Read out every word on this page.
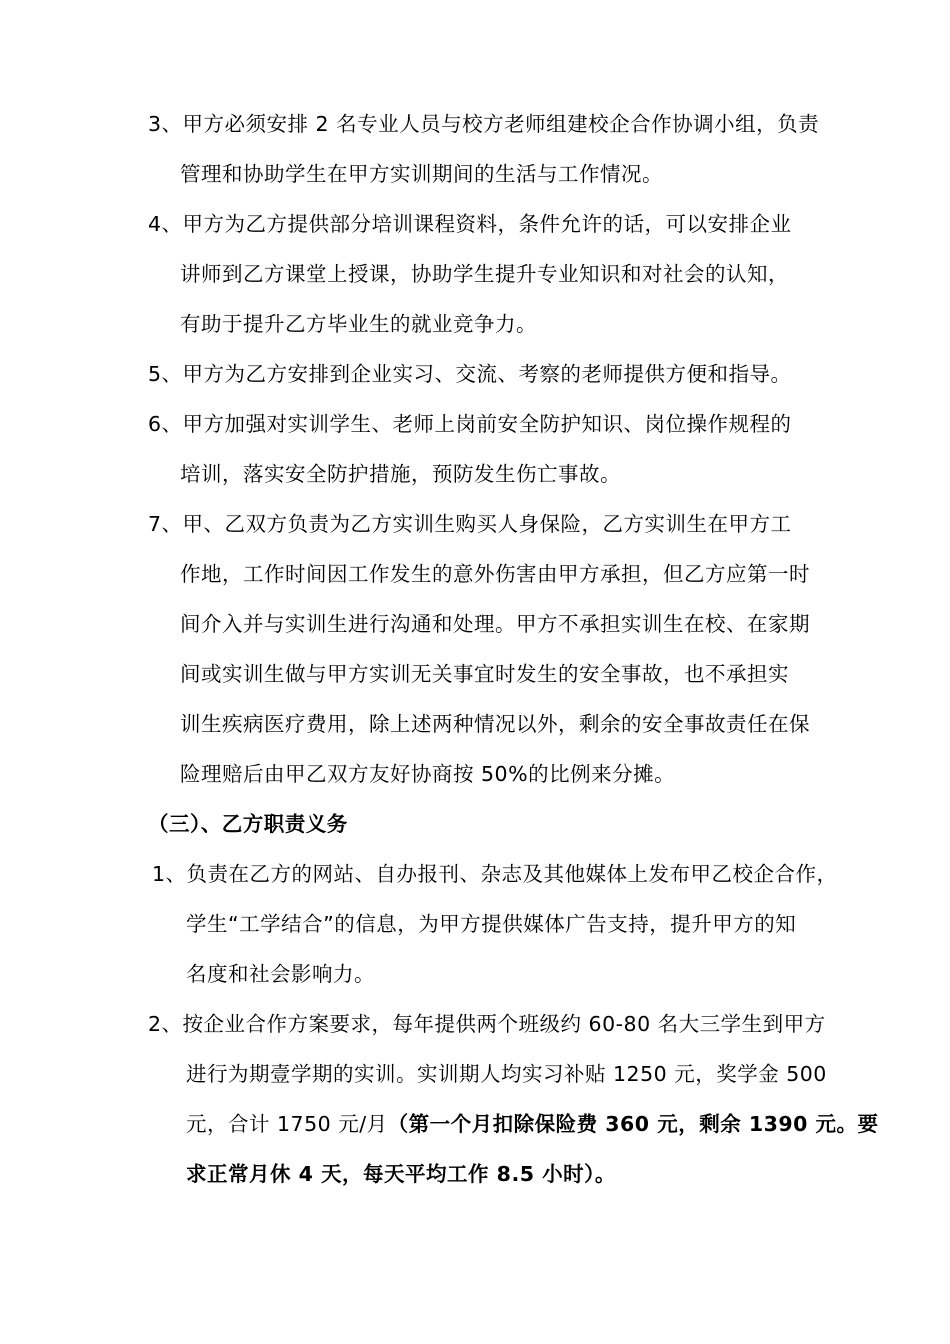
3、甲方必须安排 2 名专业人员与校方老师组建校企合作协调小组，负责
管理和协助学生在甲方实训期间的生活与工作情况。
4、甲方为乙方提供部分培训课程资料，条件允许的话，可以安排企业
讲师到乙方课堂上授课，协助学生提升专业知识和对社会的认知，
有助于提升乙方毕业生的就业竞争力。
5、甲方为乙方安排到企业实习、交流、考察的老师提供方便和指导。
6、甲方加强对实训学生、老师上岗前安全防护知识、岗位操作规程的
培训，落实安全防护措施，预防发生伤亡事故。
7、甲、乙双方负责为乙方实训生购买人身保险，乙方实训生在甲方工
作地，工作时间因工作发生的意外伤害由甲方承担，但乙方应第一时
间介入并与实训生进行沟通和处理。甲方不承担实训生在校、在家期
间或实训生做与甲方实训无关事宜时发生的安全事故，也不承担实
训生疾病医疗费用，除上述两种情况以外，剩余的安全事故责任在保
险理赔后由甲乙双方友好协商按 50%的比例来分摊。
（三）、乙方职责义务
1、负责在乙方的网站、自办报刊、杂志及其他媒体上发布甲乙校企合作，
学生“工学结合”的信息，为甲方提供媒体广告支持，提升甲方的知
名度和社会影响力。
2、按企业合作方案要求，每年提供两个班级约 60-80 名大三学生到甲方
进行为期壹学期的实训。实训期人均实习补贴 1250 元，奖学金 500
元，合计 1750 元/月（第一个月扣除保险费 360 元，剩余 1390 元。要
求正常月休 4 天，每天平均工作 8.5 小时）。
